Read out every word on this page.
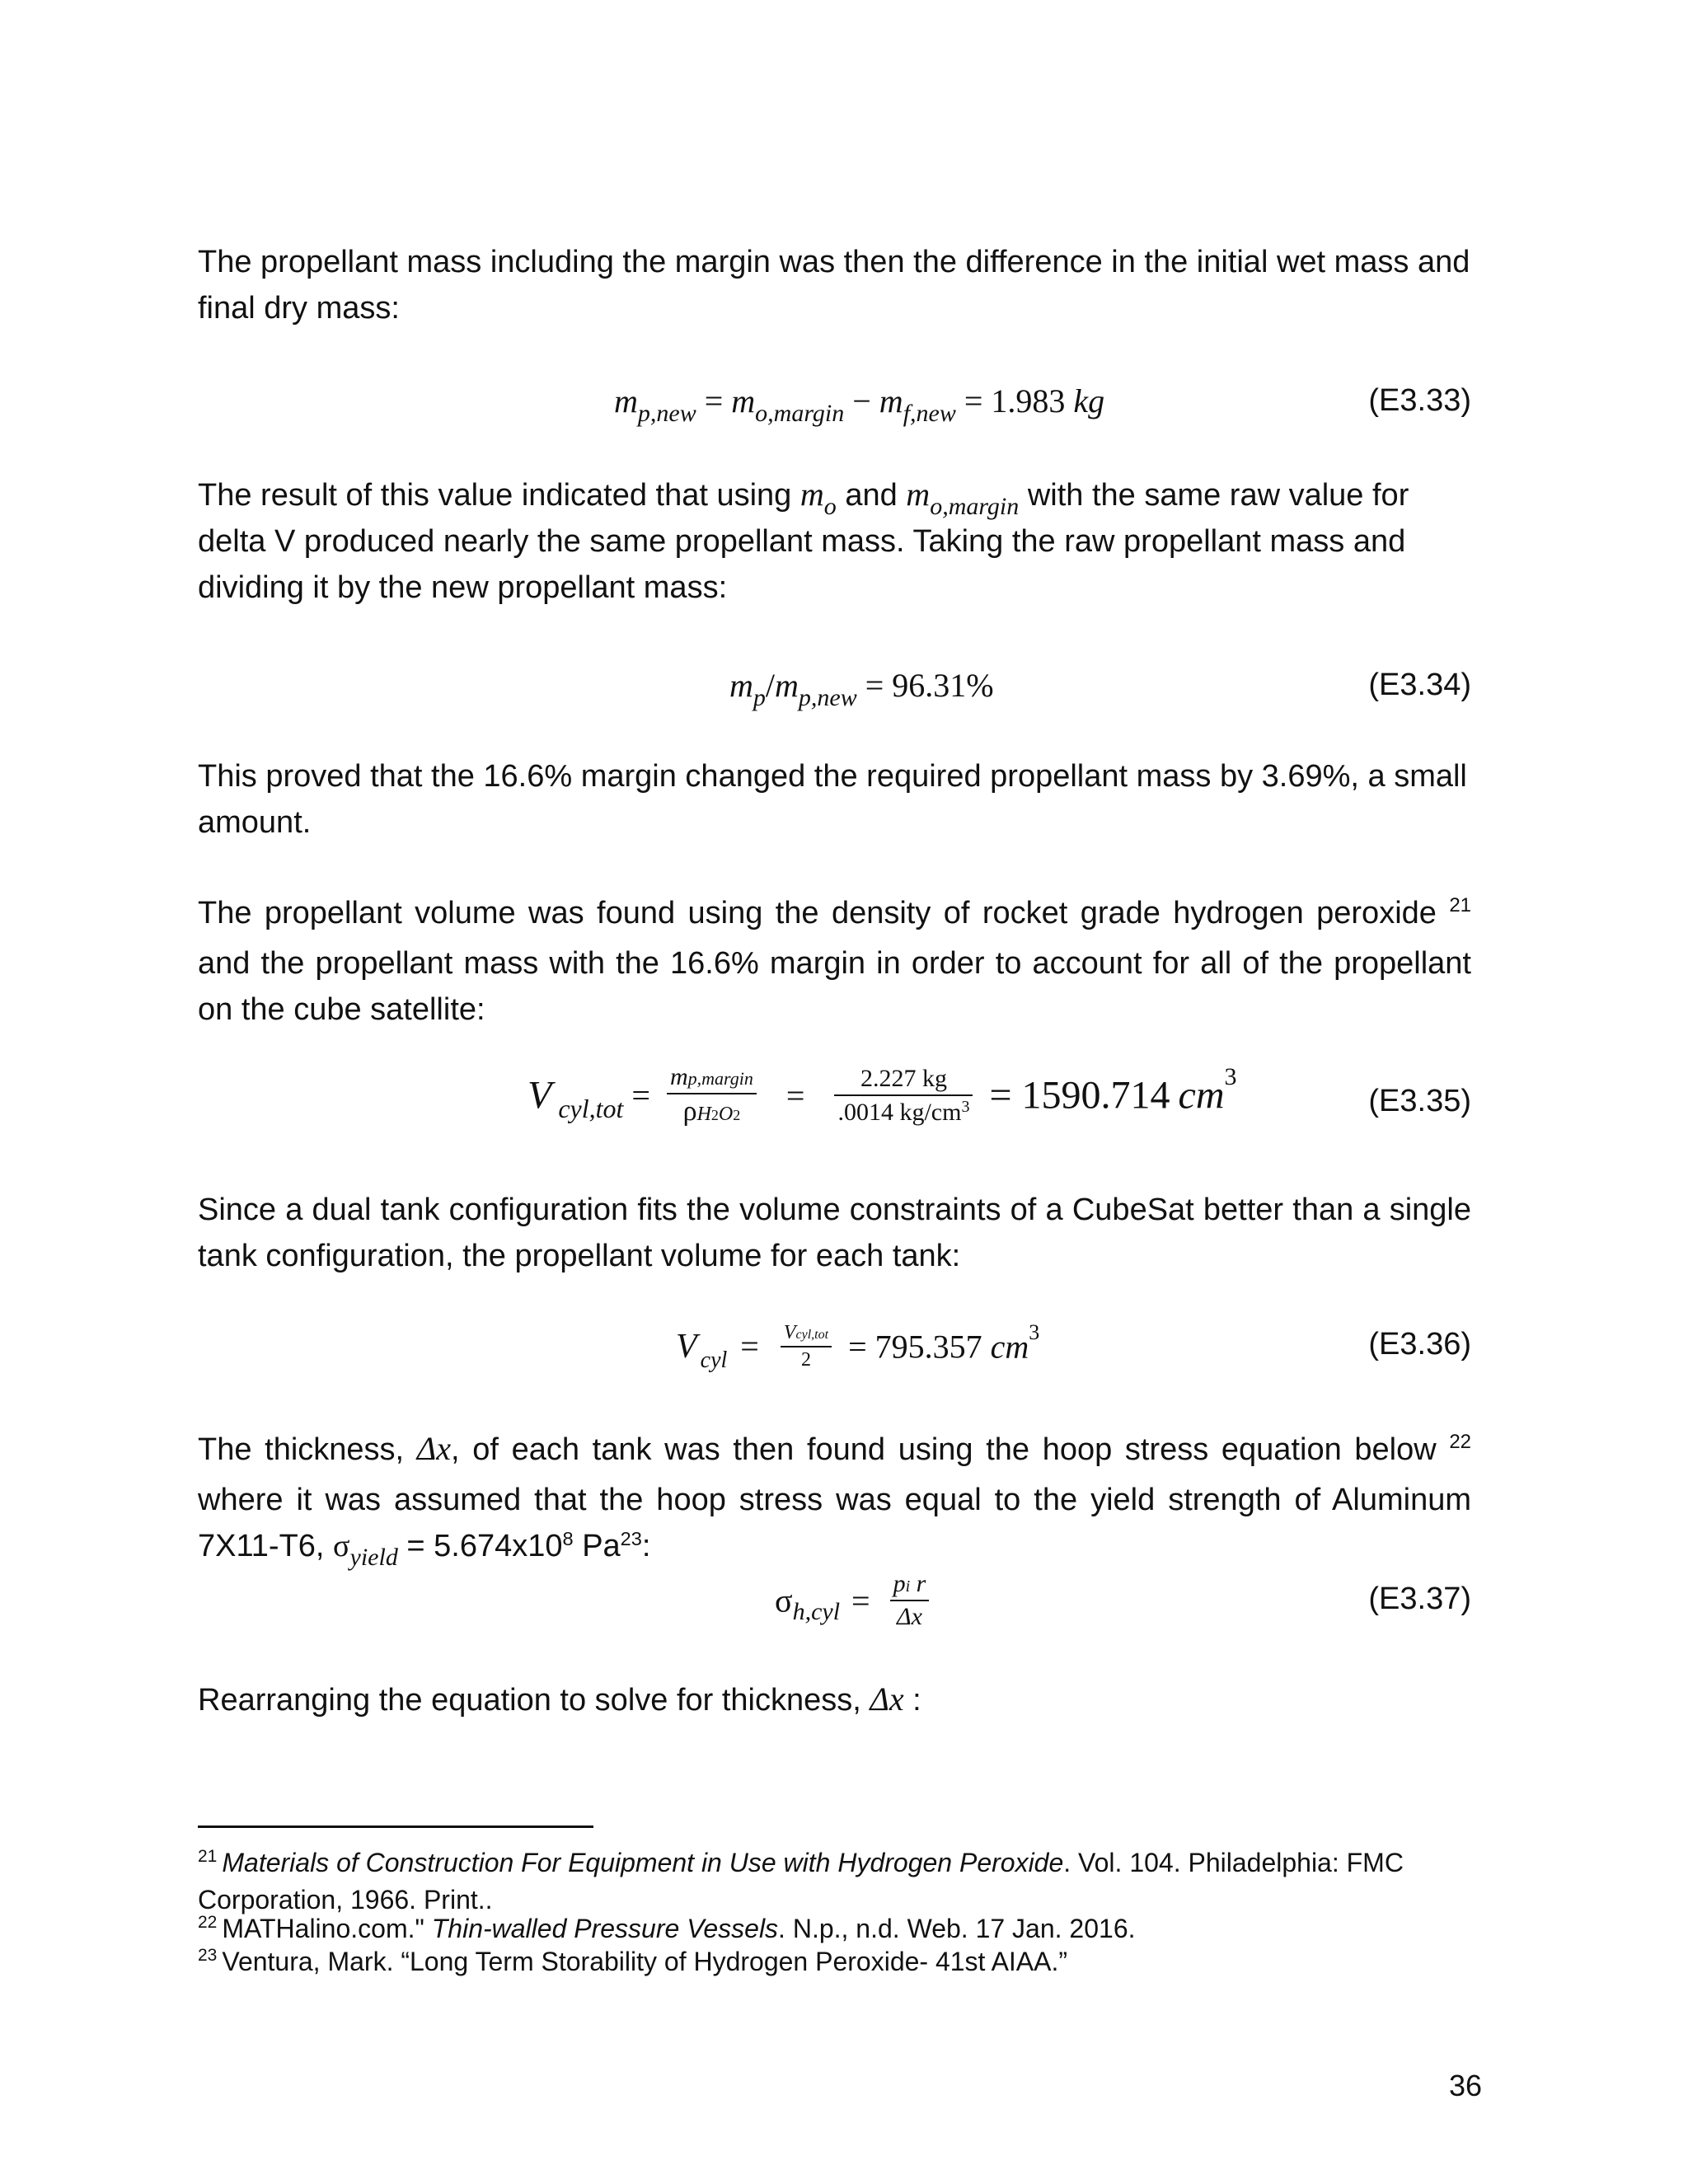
The propellant mass including the margin was then the difference in the initial wet mass and final dry mass:

$m_{p,new} = m_{o,margin} - m_{f,new} = 1.983$ kg	(E3.33)

The result of this value indicated that using $m_o$ and $m_{o,margin}$ with the same raw value for delta V produced nearly the same propellant mass. Taking the raw propellant mass and dividing it by the new propellant mass:

$m_p/m_{p,new} = 96.31\%$	(E3.34)

This proved that the 16.6% margin changed the required propellant mass by 3.69%, a small amount.

The propellant volume was found using the density of rocket grade hydrogen peroxide $^{21}$ and the propellant mass with the 16.6% margin in order to account for all of the propellant on the cube satellite:

V $_{cyl,tot} = \frac{\text{mp,margin}}{\rho H2O2} = \frac{2.227 kg}{.0014 kg/cm^3} = 1590.714$ $cm^3$
(E3.35)

Since a dual tank configuration fits the volume constraints of a CubeSat better than a single tank configuration, the propellant volume for each tank:

V $_{cyl} = \frac{\text{Vcyl,tot}}{2} = 795.357$ $cm^3$	(E3.36)

The thickness, Δx, of each tank was then found using the hoop stress equation below $^{22}$ where it was assumed that the hoop stress was equal to the yield strength of Aluminum 7X11-T6, $\sigma_{yield} = 5.674x10^8$ Pa$^{23}$:

$\sigma_{h,cyl} = \frac{\text{pi r}}{\Delta x}$	(E3.37)

Rearranging the equation to solve for thickness, Δx :

$^{21}$ Materials of Construction For Equipment in Use with Hydrogen Peroxide. Vol. 104. Philadelphia: FMC Corporation, 1966. Print..

$^{22}$ MATHalino.com." Thin-walled Pressure Vessels. N.p., n.d. Web. 17 Jan. 2016.

$^{23}$ Ventura, Mark. “Long Term Storability of Hydrogen Peroxide- 41st AIAA.”

36
